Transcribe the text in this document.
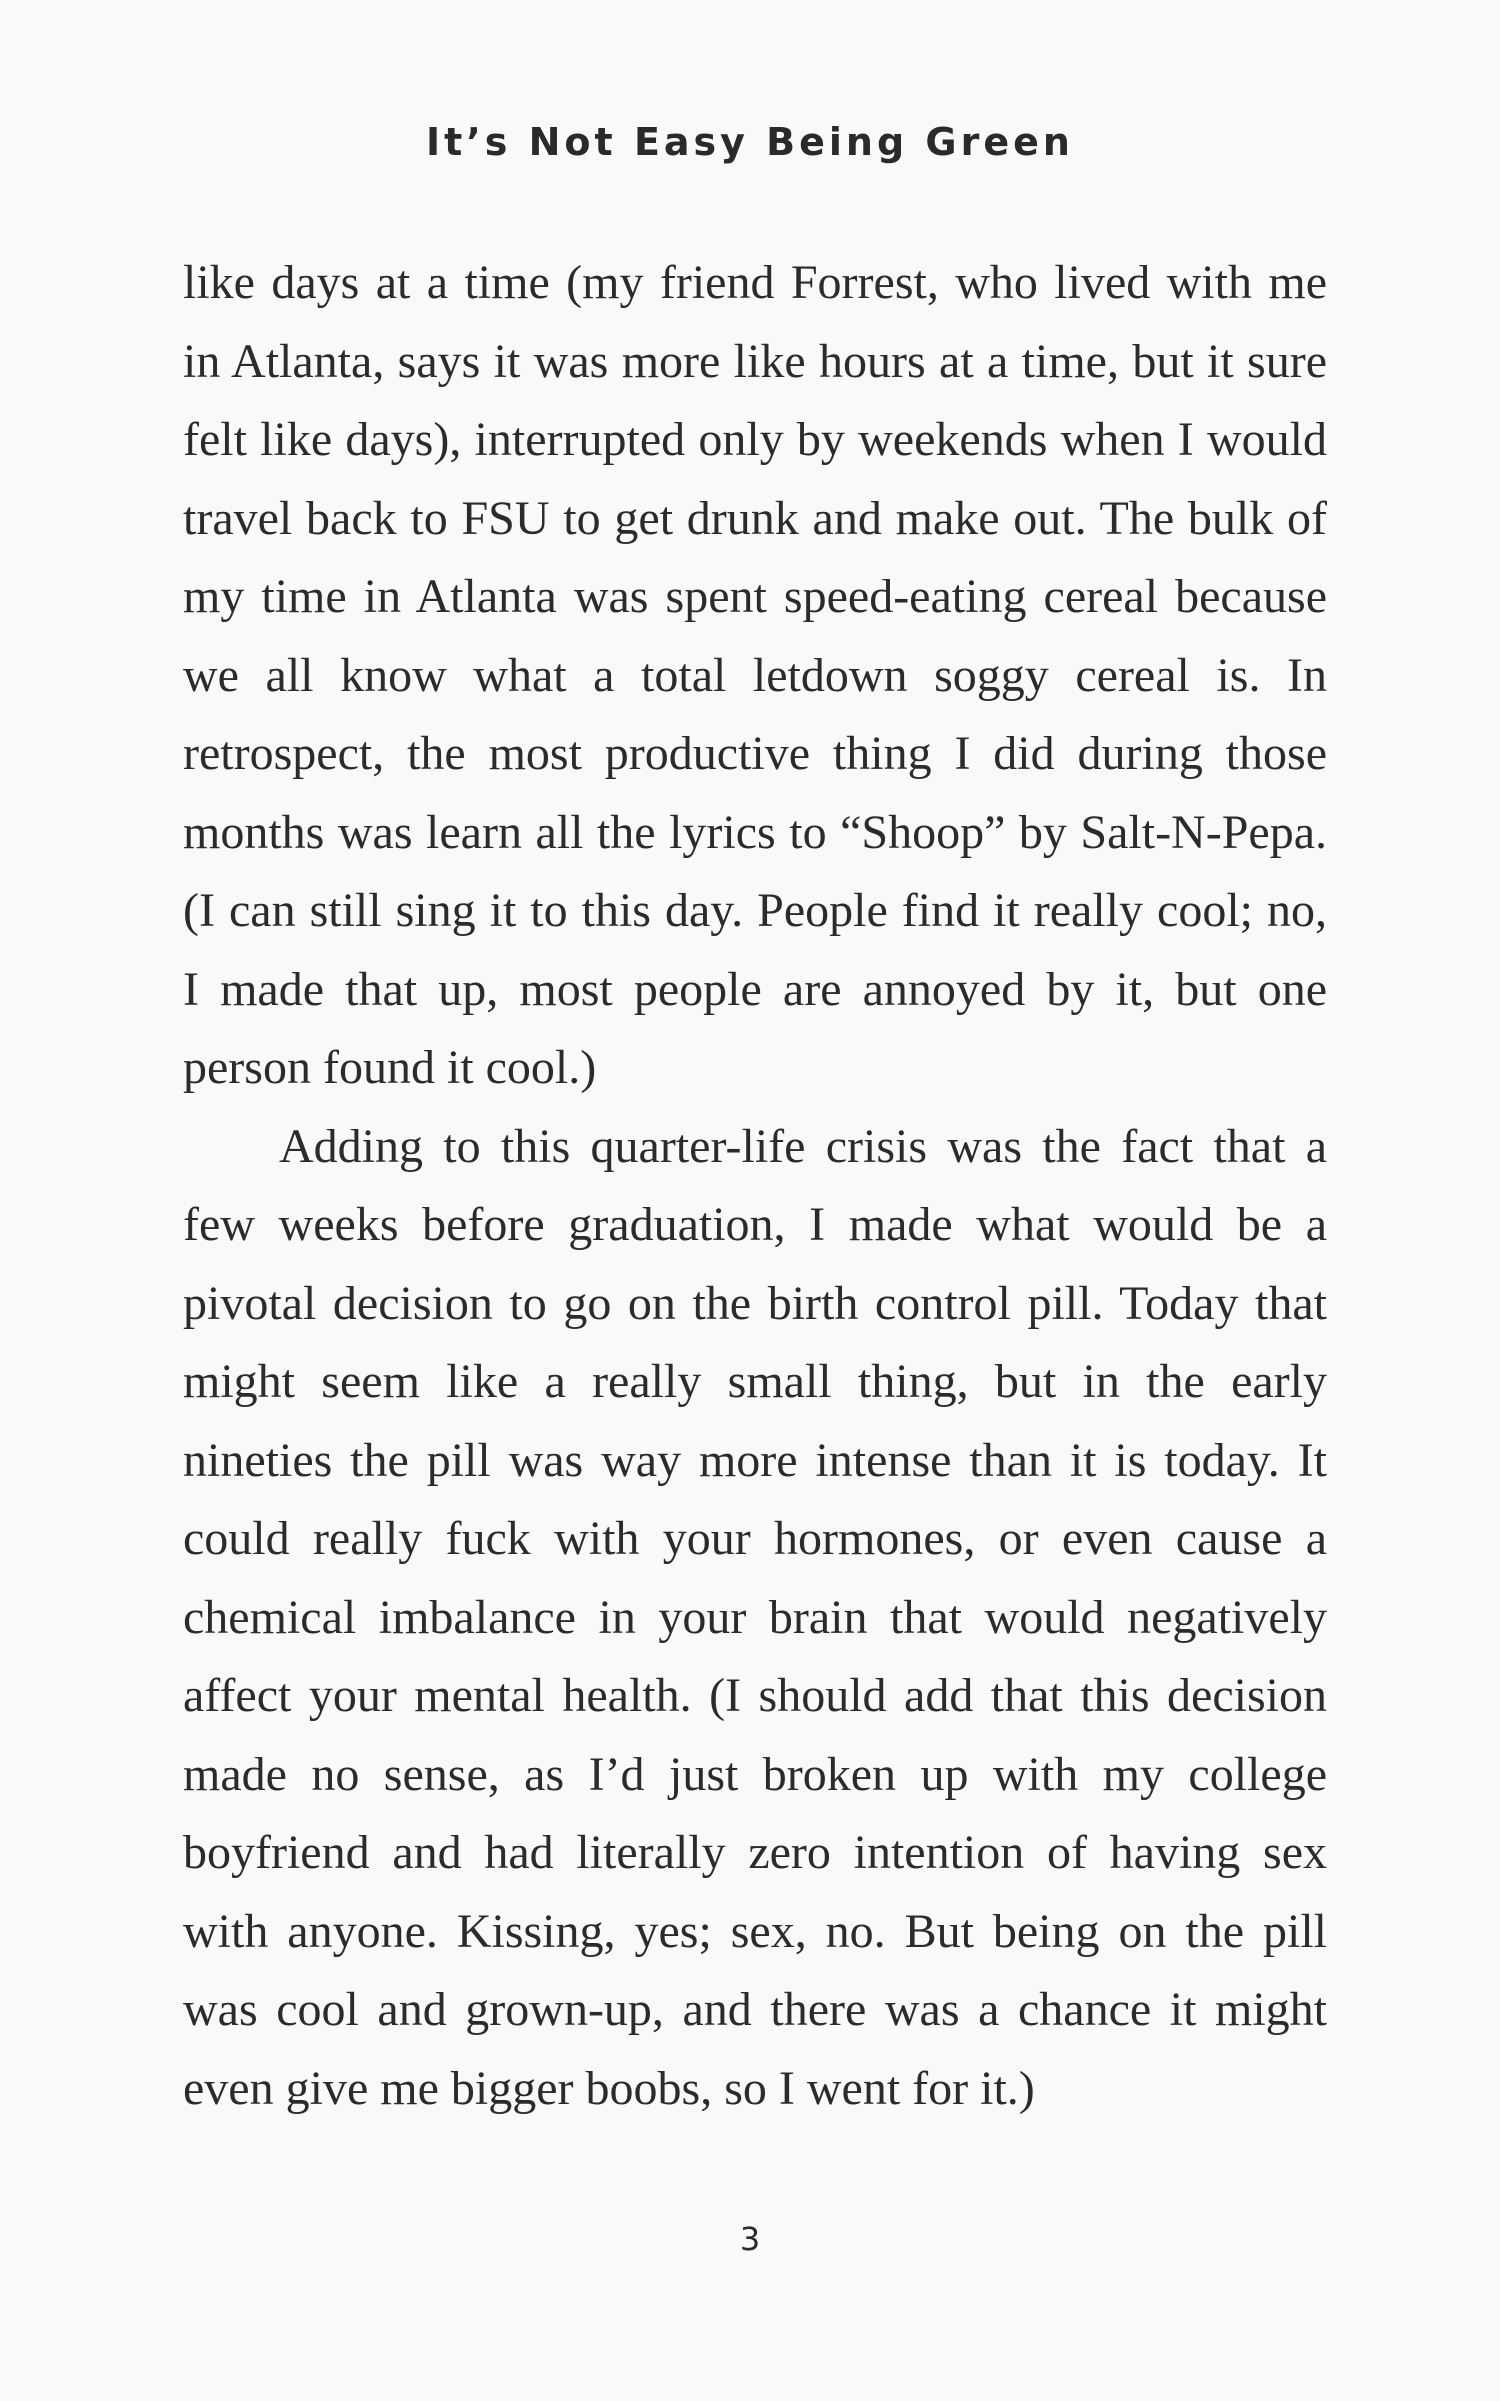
It’s Not Easy Being Green

like days at a time (my friend Forrest, who lived with me in Atlanta, says it was more like hours at a time, but it sure felt like days), interrupted only by weekends when I would travel back to FSU to get drunk and make out. The bulk of my time in Atlanta was spent speed-eating cereal because we all know what a total letdown soggy cereal is. In retrospect, the most productive thing I did during those months was learn all the lyrics to “Shoop” by Salt-N-Pepa. (I can still sing it to this day. People find it really cool; no, I made that up, most people are annoyed by it, but one person found it cool.)

Adding to this quarter-life crisis was the fact that a few weeks before graduation, I made what would be a pivotal decision to go on the birth control pill. Today that might seem like a really small thing, but in the early nineties the pill was way more intense than it is today. It could really fuck with your hormones, or even cause a chemical imbalance in your brain that would negatively affect your mental health. (I should add that this decision made no sense, as I’d just broken up with my college boyfriend and had literally zero intention of having sex with anyone. Kissing, yes; sex, no. But being on the pill was cool and grown-up, and there was a chance it might even give me bigger boobs, so I went for it.)

3
